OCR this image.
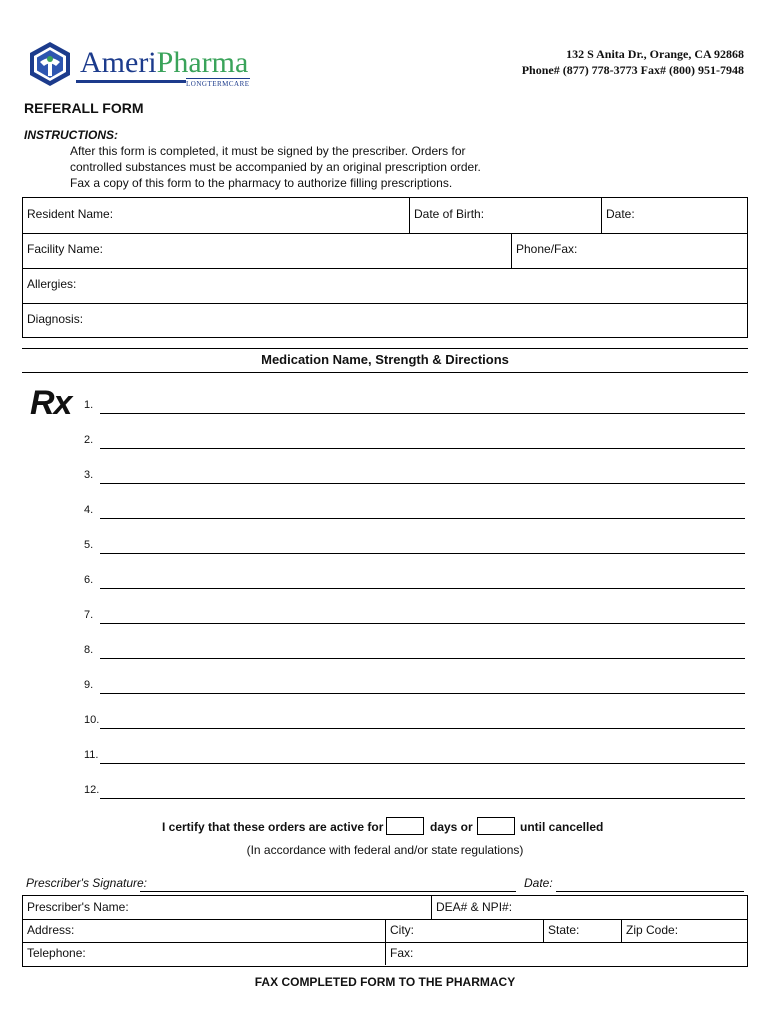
AmeriPharma
LONGTERMCARE
132 S Anita Dr., Orange, CA 92868
Phone# (877) 778-3773 Fax# (800) 951-7948
REFERALL FORM
INSTRUCTIONS:
After this form is completed, it must be signed by the prescriber. Orders for controlled substances must be accompanied by an original prescription order. Fax a copy of this form to the pharmacy to authorize filling prescriptions.
Resident Name:	Date of Birth:	Date:
Facility Name:	Phone/Fax:
Allergies:
Diagnosis:
Medication Name, Strength & Directions
Rx 1.
2.
3.
4.
5.
6.
7.
8.
9.
10.
11.
12.
I certify that these orders are active for	days or	until cancelled
(In accordance with federal and/or state regulations)
Prescriber's Signature:	Date:
Prescriber's Name:	DEA# & NPI#:
Address:	City:	State:	Zip Code:
Telephone:	Fax:
FAX COMPLETED FORM TO THE PHARMACY
